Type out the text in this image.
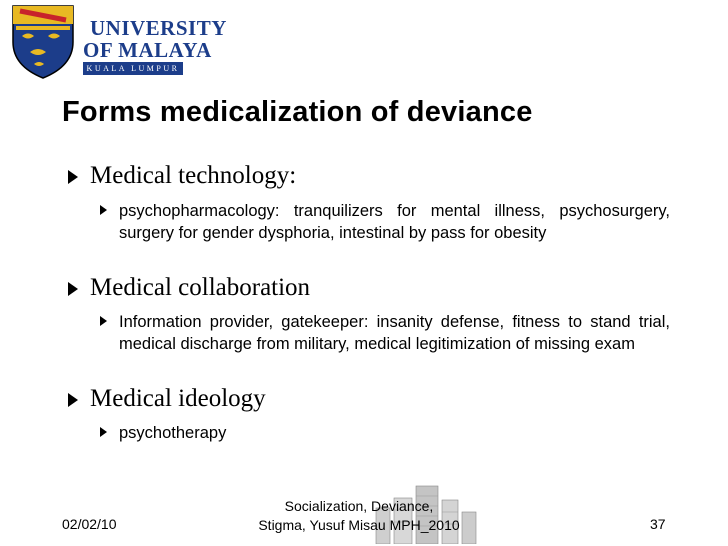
UNIVERSITY
OF MALAYA
KUALA LUMPUR
Forms medicalization of deviance
Medical technology:
psychopharmacology: tranquilizers for mental illness, psychosurgery, surgery for gender dysphoria, intestinal by pass for obesity
Medical collaboration
Information provider, gatekeeper: insanity defense, fitness to stand trial, medical discharge from military, medical legitimization of missing exam
Medical ideology
psychotherapy
02/02/10
Socialization, Deviance,
Stigma, Yusuf Misau MPH_2010	37
